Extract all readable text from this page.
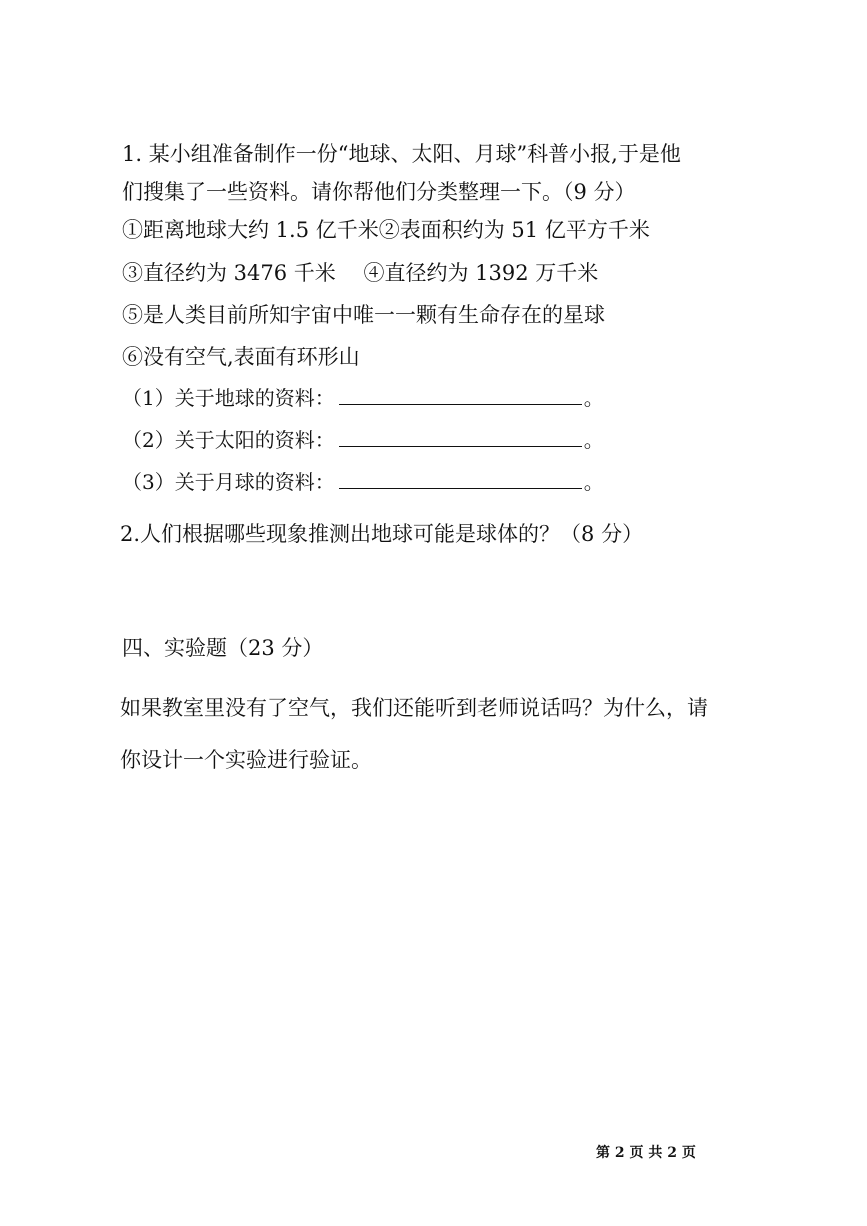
1. 某小组准备制作一份“地球、太阳、月球”科普小报,于是他
们搜集了一些资料。请你帮他们分类整理一下。（9 分）
①距离地球大约 1.5 亿千米②表面积约为 51 亿平方千米
③直径约为 3476 千米　 ④直径约为 1392 万千米
⑤是人类目前所知宇宙中唯一一颗有生命存在的星球
⑥没有空气,表面有环形山
（1）关于地球的资料：	。
（2）关于太阳的资料：	。
（3）关于月球的资料：	。
2.人们根据哪些现象推测出地球可能是球体的？（8 分）
四、实验题（23 分）
如果教室里没有了空气，我们还能听到老师说话吗？为什么，请
你设计一个实验进行验证。
第 2 页 共 2 页
